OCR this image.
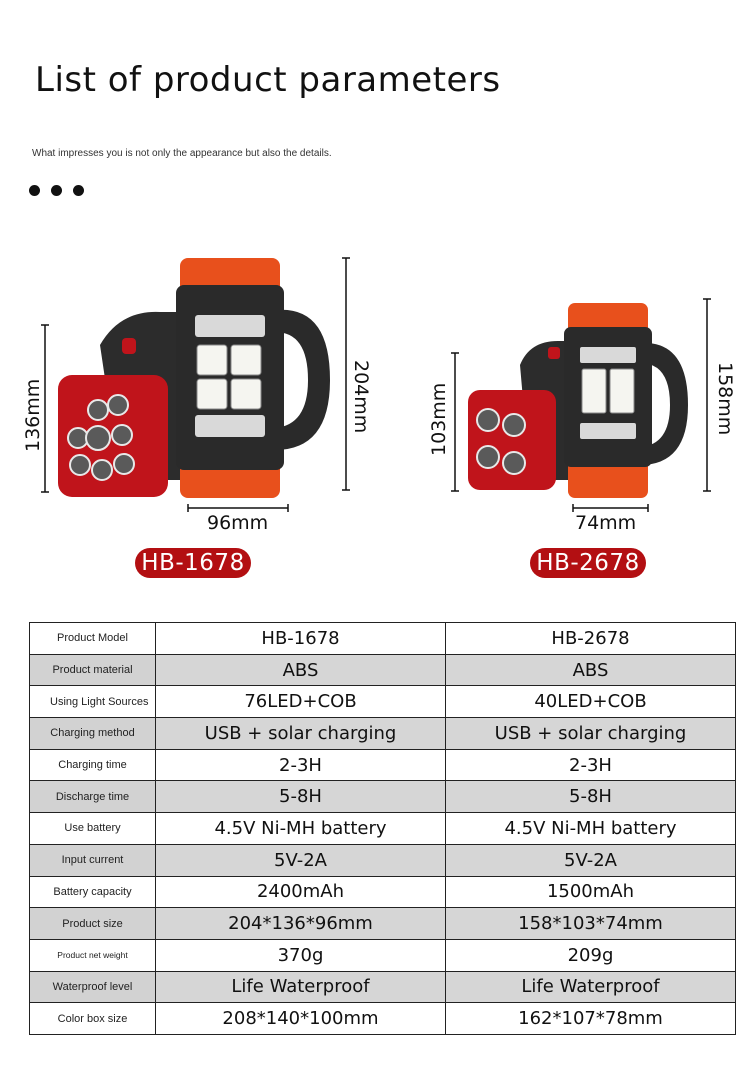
List of product parameters
What impresses you is not only the appearance but also the details.
136mm	204mm
96mm
103mm	158mm
74mm
HB-1678	HB-2678
Product Model	HB-1678	HB-2678
Product material	ABS	ABS
Using Light Sources	76LED+COB	40LED+COB
Charging method	USB + solar charging	USB + solar charging
Charging time	2-3H	2-3H
Discharge time	5-8H	5-8H
Use battery	4.5V Ni-MH battery	4.5V Ni-MH battery
Input current	5V-2A	5V-2A
Battery capacity	2400mAh	1500mAh
Product size	204*136*96mm	158*103*74mm
Product net weight	370g	209g
Waterproof level	Life Waterproof	Life Waterproof
Color box size	208*140*100mm	162*107*78mm
